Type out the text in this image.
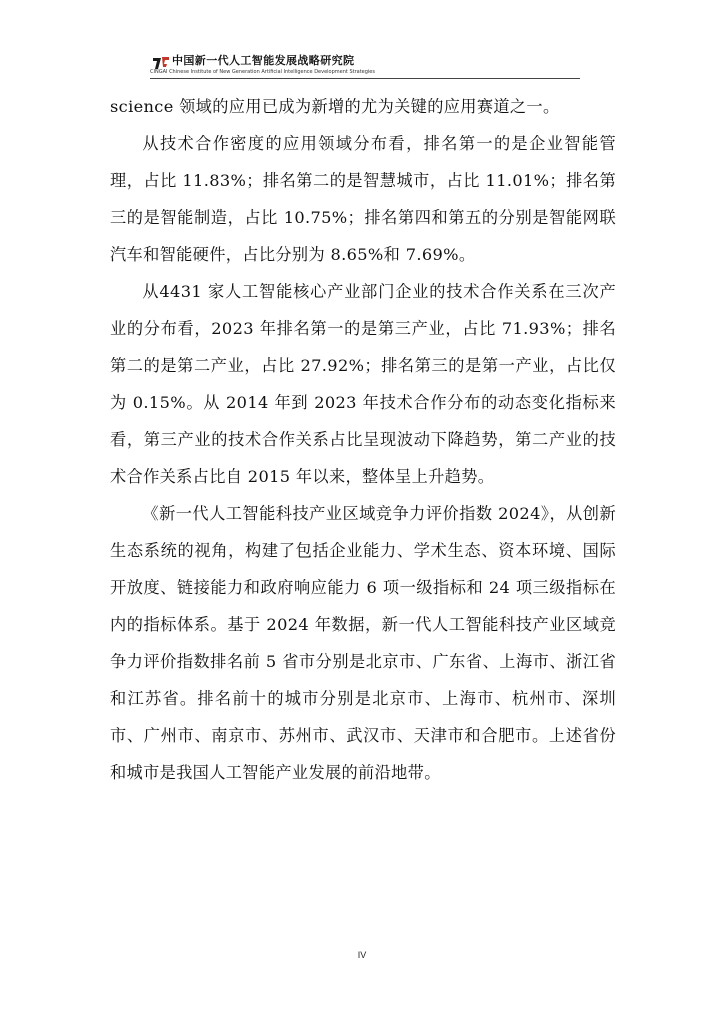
中国新一代人工智能发展战略研究院
CINGAI Chinese Institute of New Generation Artificial Intelligence Development Strategies

science 领域的应用已成为新增的尤为关键的应用赛道之一。

从技术合作密度的应用领域分布看，排名第一的是企业智能管理，占比 11.83%；排名第二的是智慧城市，占比 11.01%；排名第三的是智能制造，占比 10.75%；排名第四和第五的分别是智能网联汽车和智能硬件，占比分别为 8.65%和 7.69%。

从4431 家人工智能核心产业部门企业的技术合作关系在三次产业的分布看，2023 年排名第一的是第三产业，占比 71.93%；排名第二的是第二产业，占比 27.92%；排名第三的是第一产业，占比仅为 0.15%。从 2014 年到 2023 年技术合作分布的动态变化指标来看，第三产业的技术合作关系占比呈现波动下降趋势，第二产业的技术合作关系占比自 2015 年以来，整体呈上升趋势。

《新一代人工智能科技产业区域竞争力评价指数 2024》，从创新生态系统的视角，构建了包括企业能力、学术生态、资本环境、国际开放度、链接能力和政府响应能力 6 项一级指标和 24 项三级指标在内的指标体系。基于 2024 年数据，新一代人工智能科技产业区域竞争力评价指数排名前 5 省市分别是北京市、广东省、上海市、浙江省和江苏省。排名前十的城市分别是北京市、上海市、杭州市、深圳市、广州市、南京市、苏州市、武汉市、天津市和合肥市。上述省份和城市是我国人工智能产业发展的前沿地带。

IV
